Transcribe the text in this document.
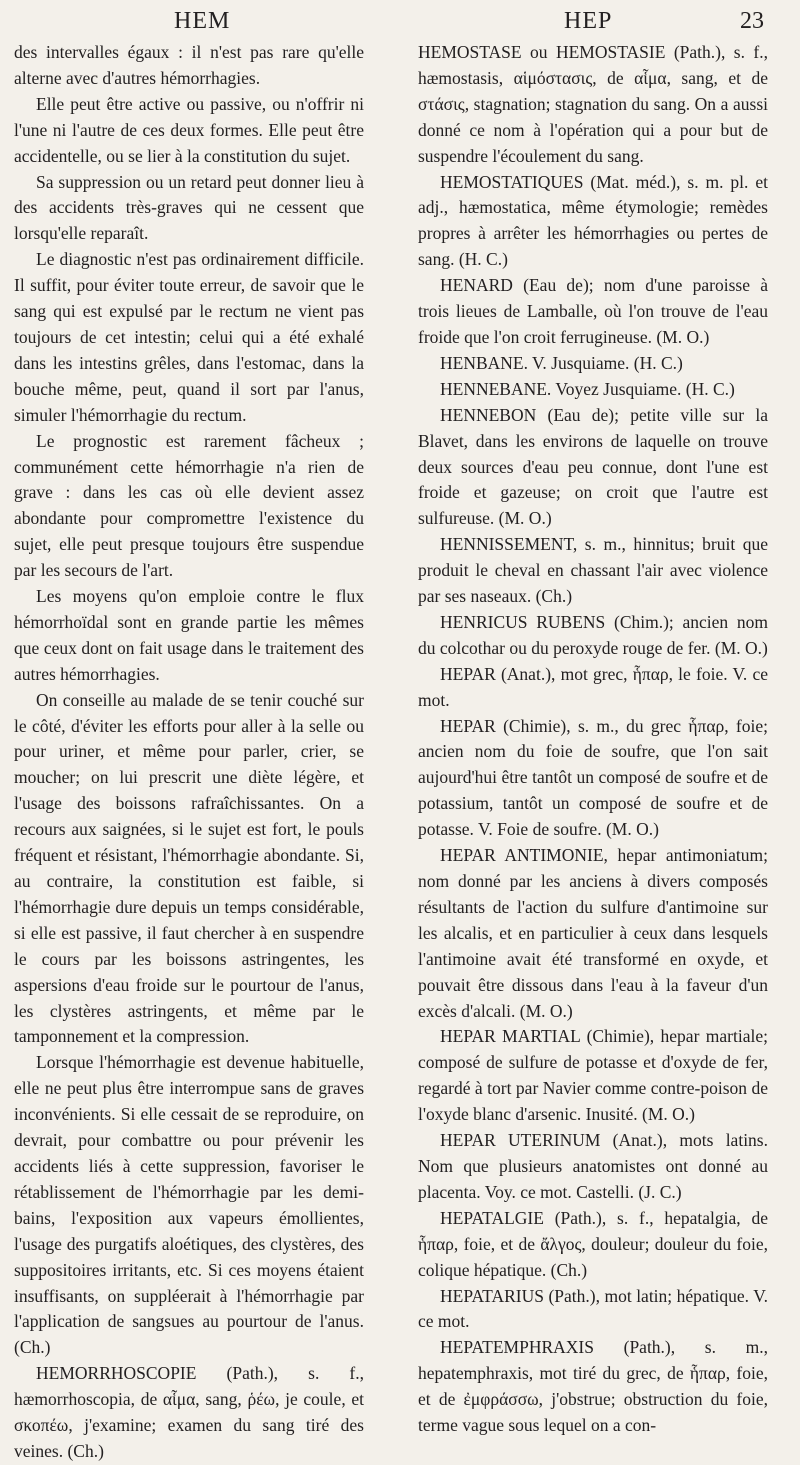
HEM	HEP	23

des intervalles égaux : il n'est pas rare qu'elle alterne avec d'autres hémorrhagies.

Elle peut être active ou passive, ou n'offrir ni l'une ni l'autre de ces deux formes. Elle peut être accidentelle, ou se lier à la constitution du sujet.

Sa suppression ou un retard peut donner lieu à des accidents très-graves qui ne cessent que lorsqu'elle reparaît.

Le diagnostic n'est pas ordinairement difficile. Il suffit, pour éviter toute erreur, de savoir que le sang qui est expulsé par le rectum ne vient pas toujours de cet intestin; celui qui a été exhalé dans les intestins grêles, dans l'estomac, dans la bouche même, peut, quand il sort par l'anus, simuler l'hémorrhagie du rectum.

Le prognostic est rarement fâcheux ; communément cette hémorrhagie n'a rien de grave : dans les cas où elle devient assez abondante pour compromettre l'existence du sujet, elle peut presque toujours être suspendue par les secours de l'art.

Les moyens qu'on emploie contre le flux hémorrhoïdal sont en grande partie les mêmes que ceux dont on fait usage dans le traitement des autres hémorrhagies.

On conseille au malade de se tenir couché sur le côté, d'éviter les efforts pour aller à la selle ou pour uriner, et même pour parler, crier, se moucher; on lui prescrit une diète légère, et l'usage des boissons rafraîchissantes. On a recours aux saignées, si le sujet est fort, le pouls fréquent et résistant, l'hémorrhagie abondante. Si, au contraire, la constitution est faible, si l'hémorrhagie dure depuis un temps considérable, si elle est passive, il faut chercher à en suspendre le cours par les boissons astringentes, les aspersions d'eau froide sur le pourtour de l'anus, les clystères astringents, et même par le tamponnement et la compression.

Lorsque l'hémorrhagie est devenue habituelle, elle ne peut plus être interrompue sans de graves inconvénients. Si elle cessait de se reproduire, on devrait, pour combattre ou pour prévenir les accidents liés à cette suppression, favoriser le rétablissement de l'hémorrhagie par les demi-bains, l'exposition aux vapeurs émollientes, l'usage des purgatifs aloétiques, des clystères, des suppositoires irritants, etc. Si ces moyens étaient insuffisants, on suppléerait à l'hémorrhagie par l'application de sangsues au pourtour de l'anus. (Ch.)

HEMORRHOSCOPIE (Path.), s. f., hæmorrhoscopia, de αἷμα, sang, ῥέω, je coule, et σκοπέω, j'examine; examen du sang tiré des veines. (Ch.)

HEMOSTASE ou HEMOSTASIE (Path.), s. f., hæmostasis, αἱμόστασις, de αἷμα, sang, et de στάσις, stagnation; stagnation du sang. On a aussi donné ce nom à l'opération qui a pour but de suspendre l'écoulement du sang.

HEMOSTATIQUES (Mat. méd.), s. m. pl. et adj., hæmostatica, même étymologie; remèdes propres à arrêter les hémorrhagies ou pertes de sang. (H. C.)

HENARD (Eau de); nom d'une paroisse à trois lieues de Lamballe, où l'on trouve de l'eau froide que l'on croit ferrugineuse. (M. O.)

HENBANE. V. Jusquiame. (H. C.)

HENNEBANE. Voyez Jusquiame. (H. C.)

HENNEBON (Eau de); petite ville sur la Blavet, dans les environs de laquelle on trouve deux sources d'eau peu connue, dont l'une est froide et gazeuse; on croit que l'autre est sulfureuse. (M. O.)

HENNISSEMENT, s. m., hinnitus; bruit que produit le cheval en chassant l'air avec violence par ses naseaux. (Ch.)

HENRICUS RUBENS (Chim.); ancien nom du colcothar ou du peroxyde rouge de fer. (M. O.)

HEPAR (Anat.), mot grec, ἧπαρ, le foie. V. ce mot.

HEPAR (Chimie), s. m., du grec ἧπαρ, foie; ancien nom du foie de soufre, que l'on sait aujourd'hui être tantôt un composé de soufre et de potassium, tantôt un composé de soufre et de potasse. V. Foie de soufre. (M. O.)

HEPAR ANTIMONIE, hepar antimoniatum; nom donné par les anciens à divers composés résultants de l'action du sulfure d'antimoine sur les alcalis, et en particulier à ceux dans lesquels l'antimoine avait été transformé en oxyde, et pouvait être dissous dans l'eau à la faveur d'un excès d'alcali. (M. O.)

HEPAR MARTIAL (Chimie), hepar martiale; composé de sulfure de potasse et d'oxyde de fer, regardé à tort par Navier comme contre-poison de l'oxyde blanc d'arsenic. Inusité. (M. O.)

HEPAR UTERINUM (Anat.), mots latins. Nom que plusieurs anatomistes ont donné au placenta. Voy. ce mot. Castelli. (J. C.)

HEPATALGIE (Path.), s. f., hepatalgia, de ἧπαρ, foie, et de ἄλγος, douleur; douleur du foie, colique hépatique. (Ch.)

HEPATARIUS (Path.), mot latin; hépatique. V. ce mot.

HEPATEMPHRAXIS (Path.), s. m., hepatemphraxis, mot tiré du grec, de ἧπαρ, foie, et de ἐμφράσσω, j'obstrue; obstruction du foie, terme vague sous lequel on a con-
